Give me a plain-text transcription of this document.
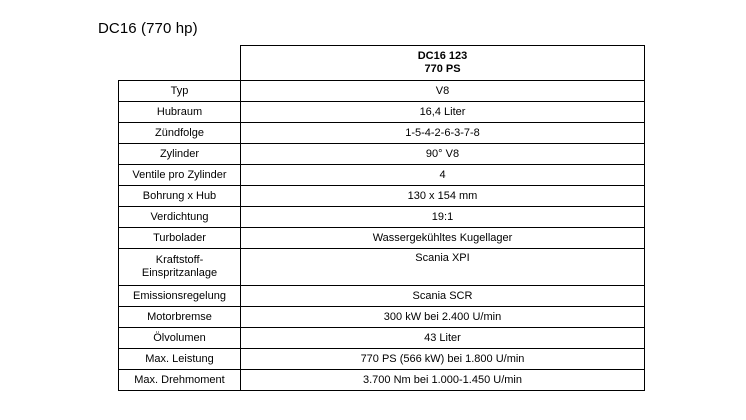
DC16 (770 hp)

	DC16 123
770 PS

Typ	V8
Hubraum	16,4 Liter
Zündfolge	1-5-4-2-6-3-7-8
Zylinder	90° V8
Ventile pro Zylinder	4
Bohrung x Hub	130 x 154 mm
Verdichtung	19:1
Turbolader	Wassergekühltes Kugellager
Kraftstoff-Einspritzanlage	Scania XPI
Emissionsregelung	Scania SCR
Motorbremse	300 kW bei 2.400 U/min
Ölvolumen	43 Liter
Max. Leistung	770 PS (566 kW) bei 1.800 U/min
Max. Drehmoment	3.700 Nm bei 1.000-1.450 U/min
